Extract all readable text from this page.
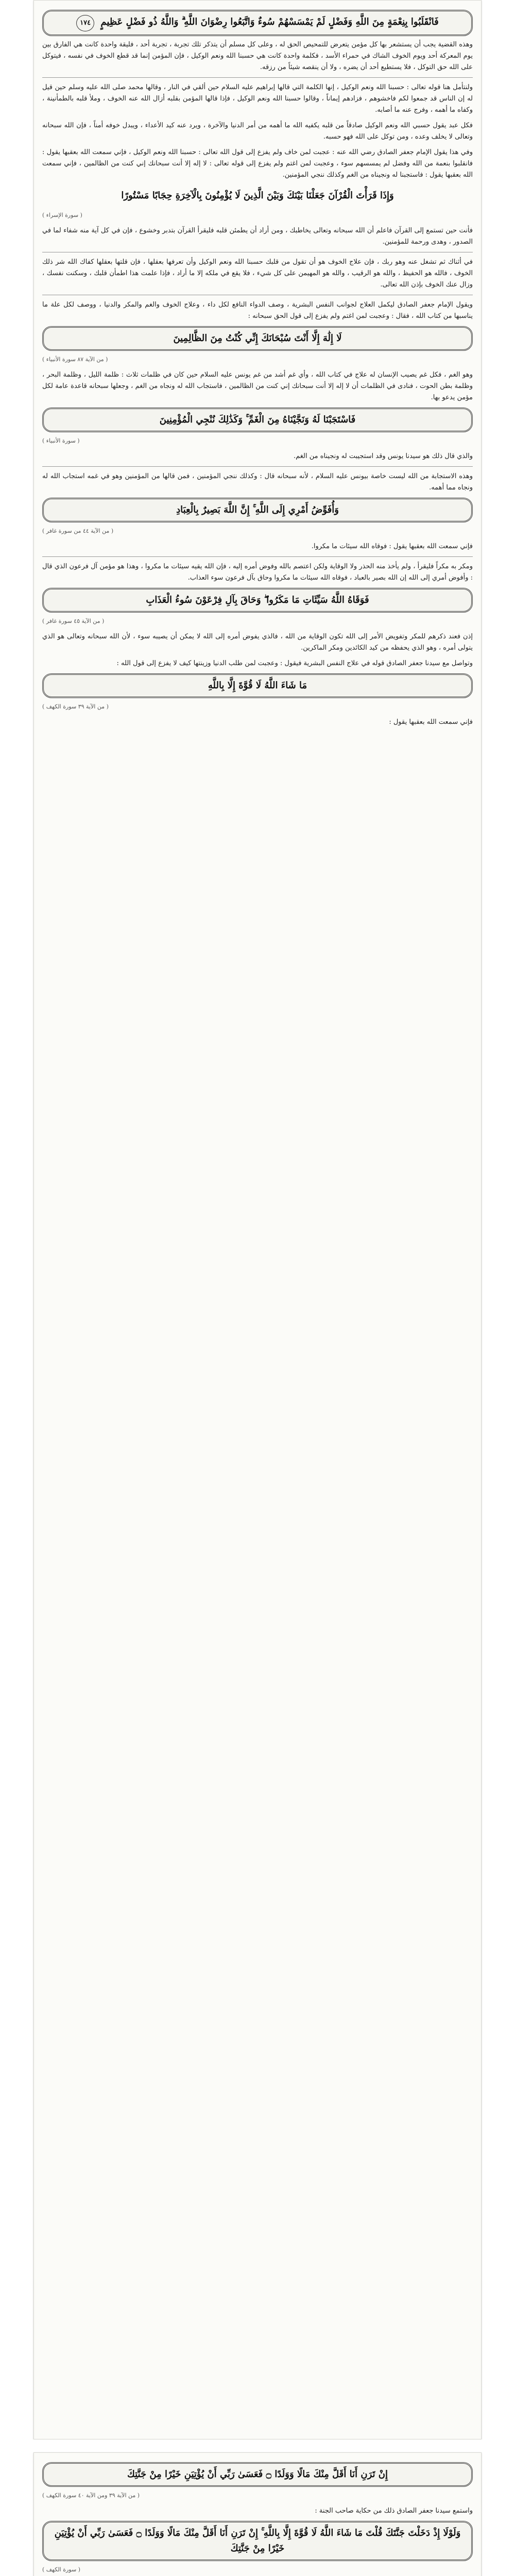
فَانْقَلَبُوا بِنِعْمَةٍ مِنَ اللَّهِ وَفَضْلٍ لَمْ يَمْسَسْهُمْ سُوءٌ وَاتَّبَعُوا رِضْوَانَ اللَّهِ ۗ وَاللَّهُ ذُو فَضْلٍ عَظِيمٍ ١٧٤

وهذه القضية يجب أن يستشعر بها كل مؤمن يتعرض للتمحيص الحق له ، وعلى كل مسلم أن يتذكر تلك تجربة ، تجربة أحد ، فليقة واحدة كانت هي الفارق بين يوم المعركة أحد ويوم الخوف الشاك في حمراء الأسد ، فكلمة واحدة كانت هي حسبنا الله ونعم الوكيل ، فإن المؤمن إنما قد قطع الخوف في نفسه ، فيتوكل على الله حق التوكل ، فلا يستطيع أحد أن يضره ، ولا أن ينقصه شيئاً من رزقه.

ولنتأمل هنا قوله تعالى : حسبنا الله ونعم الوكيل ، إنها الكلمة التي قالها إبراهيم عليه السلام حين ألقي في النار ، وقالها محمد صلى الله عليه وسلم حين قيل له إن الناس قد جمعوا لكم فاخشوهم ، فزادهم إيماناً ، وقالوا حسبنا الله ونعم الوكيل ، فإذا قالها المؤمن بقلبه أزال الله عنه الخوف ، وملأ قلبه بالطمأنينة ، وكفاه ما أهمه ، وفرج عنه ما أصابه.

فكل عبد يقول حسبي الله ونعم الوكيل صادقاً من قلبه يكفيه الله ما أهمه من أمر الدنيا والآخرة ، ويرد عنه كيد الأعداء ، ويبدل خوفه أمناً ، فإن الله سبحانه وتعالى لا يخلف وعده ، ومن توكل على الله فهو حسبه.

وفي هذا يقول الإمام جعفر الصادق رضي الله عنه : عجبت لمن خاف ولم يفزع إلى قول الله تعالى : حسبنا الله ونعم الوكيل ، فإني سمعت الله بعقبها يقول : فانقلبوا بنعمة من الله وفضل لم يمسسهم سوء ، وعجبت لمن اغتم ولم يفزع إلى قوله تعالى : لا إله إلا أنت سبحانك إني كنت من الظالمين ، فإني سمعت الله بعقبها يقول : فاستجبنا له ونجيناه من الغم وكذلك ننجي المؤمنين.

وَإِذَا قَرَأْتَ الْقُرْآنَ جَعَلْنَا بَيْنَكَ وَبَيْنَ الَّذِينَ لَا يُؤْمِنُونَ بِالْآخِرَةِ حِجَابًا مَسْتُورًا
( سورة الإسراء )

فأنت حين تستمع إلى القرآن فاعلم أن الله سبحانه وتعالى يخاطبك ، ومن أراد أن يطمئن قلبه فليقرأ القرآن بتدبر وخشوع ، فإن في كل آية منه شفاء لما في الصدور ، وهدى ورحمة للمؤمنين.

في أثناك ثم تشغل عنه وهو ربك ، فإن علاج الخوف هو أن تقول من قلبك حسبنا الله ونعم الوكيل وأن تعرفها بعقلها ، فإن قلتها بعقلها كفاك الله شر ذلك الخوف ، فالله هو الحفيظ ، والله هو الرقيب ، والله هو المهيمن على كل شيء ، فلا يقع في ملكه إلا ما أراد ، فإذا علمت هذا اطمأن قلبك ، وسكنت نفسك ، وزال عنك الخوف بإذن الله تعالى.

ويقول الإمام جعفر الصادق ليكمل العلاج لجوانب النفس البشرية ، وصف الدواء النافع لكل داء ، وعلاج الخوف والغم والمكر والدنيا ، ووصف لكل علة ما يناسبها من كتاب الله ، فقال : وعجبت لمن اغتم ولم يفزع إلى قول الحق سبحانه :

لَا إِلَٰهَ إِلَّا أَنْتَ سُبْحَانَكَ إِنِّي كُنْتُ مِنَ الظَّالِمِينَ
( من الآية ٨٧ سورة الأنبياء )

وهو الغم ، فكل غم يصيب الإنسان له علاج في كتاب الله ، وأي غم أشد من غم يونس عليه السلام حين كان في ظلمات ثلاث : ظلمة الليل ، وظلمة البحر ، وظلمة بطن الحوت ، فنادى في الظلمات أن لا إله إلا أنت سبحانك إني كنت من الظالمين ، فاستجاب الله له ونجاه من الغم ، وجعلها سبحانه قاعدة عامة لكل مؤمن يدعو بها.

فَاسْتَجَبْنَا لَهُ وَنَجَّيْنَاهُ مِنَ الْغَمِّ ۚ وَكَذَٰلِكَ نُنْجِي الْمُؤْمِنِينَ
( سورة الأنبياء )

والذي قال ذلك هو سيدنا يونس وقد استجيبت له ونجيناه من الغم.

وهذه الاستجابة من الله ليست خاصة بيونس عليه السلام ، لأنه سبحانه قال : وكذلك ننجي المؤمنين ، فمن قالها من المؤمنين وهو في غمه استجاب الله له ونجاه مما أهمه.

وَأُفَوِّضُ أَمْرِي إِلَى اللَّهِ ۚ إِنَّ اللَّهَ بَصِيرٌ بِالْعِبَادِ
( من الآية ٤٤ من سورة غافر )

فإني سمعت الله بعقبها يقول : فوقاه الله سيئات ما مكروا.

ومكر به مكراً فليقرأ ، ولم يأخذ منه الحذر ولا الوقاية ولكن اعتصم بالله وفوض أمره إليه ، فإن الله يقيه سيئات ما مكروا ، وهذا هو مؤمن آل فرعون الذي قال : وأفوض أمري إلى الله إن الله بصير بالعباد ، فوقاه الله سيئات ما مكروا وحاق بآل فرعون سوء العذاب.

فَوَقَاهُ اللَّهُ سَيِّئَاتِ مَا مَكَرُوا ۖ وَحَاقَ بِآلِ فِرْعَوْنَ سُوءُ الْعَذَابِ
( من الآية ٤٥ سورة غافر )

إذن فعند ذكرهم للمكر وتفويض الأمر إلى الله تكون الوقاية من الله ، فالذي يفوض أمره إلى الله لا يمكن أن يصيبه سوء ، لأن الله سبحانه وتعالى هو الذي يتولى أمره ، وهو الذي يحفظه من كيد الكائدين ومكر الماكرين.

وتواصل مع سيدنا جعفر الصادق قوله في علاج النفس البشرية فيقول : وعجبت لمن طلب الدنيا وزينتها كيف لا يفزع إلى قول الله :

مَا شَاءَ اللَّهُ لَا قُوَّةَ إِلَّا بِاللَّهِ
( من الآية ٣٩ سورة الكهف )

فإني سمعت الله بعقبها يقول :

إِنْ تَرَنِ أَنَا أَقَلَّ مِنْكَ مَالًا وَوَلَدًا ۝ فَعَسَىٰ رَبِّي أَنْ يُؤْتِيَنِ خَيْرًا مِنْ جَنَّتِكَ
( من الآية ٣٩ ومن الآية ٤٠ سورة الكهف )

واستمع سيدنا جعفر الصادق ذلك من حكاية صاحب الجنة :

وَلَوْلَا إِذْ دَخَلْتَ جَنَّتَكَ قُلْتَ مَا شَاءَ اللَّهُ لَا قُوَّةَ إِلَّا بِاللَّهِ ۚ إِنْ تَرَنِ أَنَا أَقَلَّ مِنْكَ مَالًا وَوَلَدًا ۝ فَعَسَىٰ رَبِّي أَنْ يُؤْتِيَنِ خَيْرًا مِنْ جَنَّتِكَ
( سورة الكهف )
